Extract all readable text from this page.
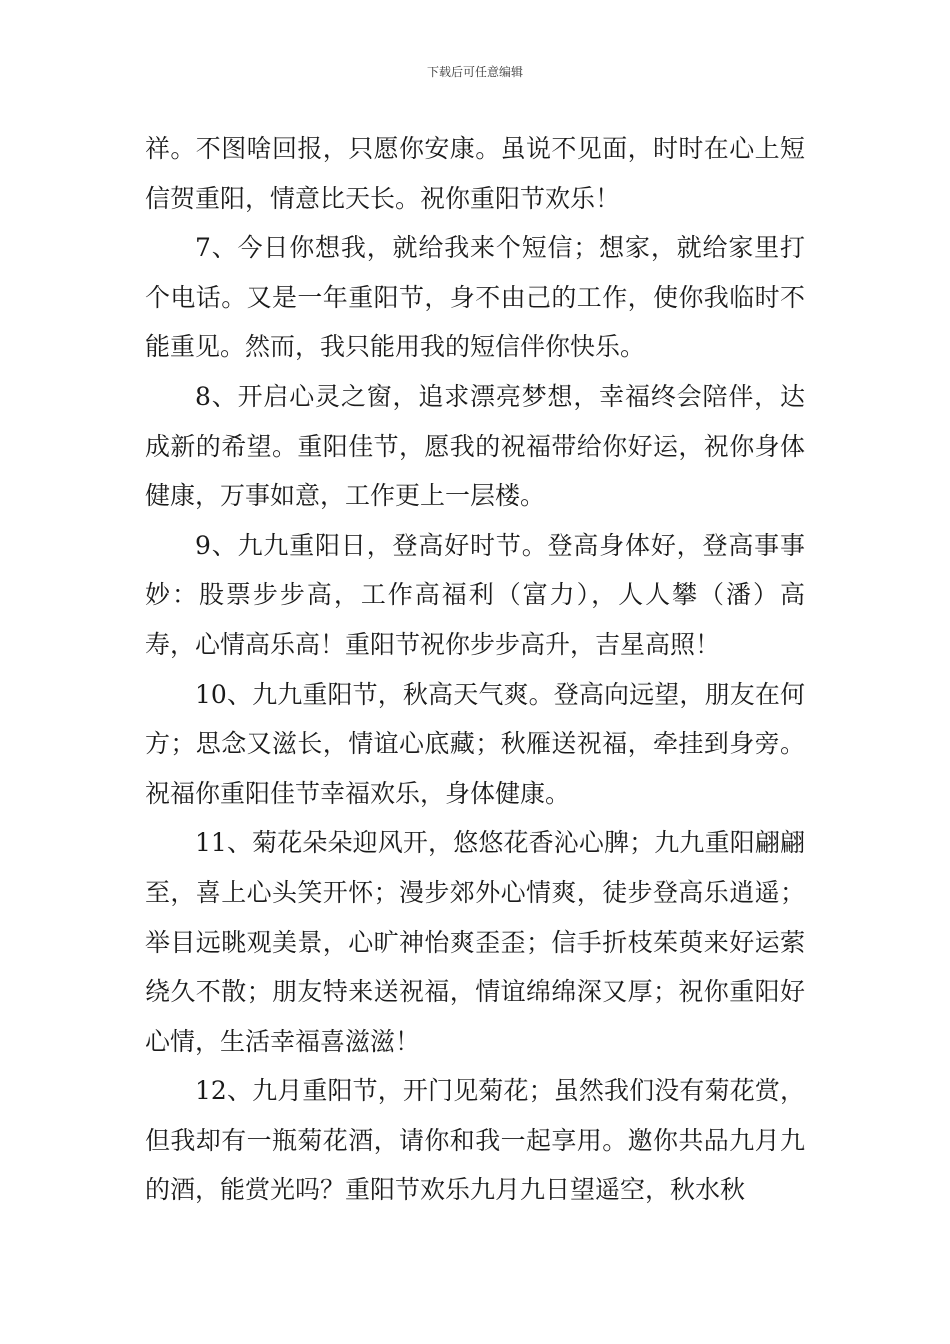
下载后可任意编辑

祥。不图啥回报，只愿你安康。虽说不见面，时时在心上短信贺重阳，情意比天长。祝你重阳节欢乐！

7、今日你想我，就给我来个短信；想家，就给家里打个电话。又是一年重阳节，身不由己的工作，使你我临时不能重见。然而，我只能用我的短信伴你快乐。

8、开启心灵之窗，追求漂亮梦想，幸福终会陪伴，达成新的希望。重阳佳节，愿我的祝福带给你好运，祝你身体健康，万事如意，工作更上一层楼。

9、九九重阳日，登高好时节。登高身体好，登高事事妙：股票步步高，工作高福利（富力），人人攀（潘）高寿，心情高乐高！重阳节祝你步步高升，吉星高照！

10、九九重阳节，秋高天气爽。登高向远望，朋友在何方；思念又滋长，情谊心底藏；秋雁送祝福，牵挂到身旁。祝福你重阳佳节幸福欢乐，身体健康。

11、菊花朵朵迎风开，悠悠花香沁心脾；九九重阳翩翩至，喜上心头笑开怀；漫步郊外心情爽，徒步登高乐逍遥；举目远眺观美景，心旷神怡爽歪歪；信手折枝茱萸来好运萦绕久不散；朋友特来送祝福，情谊绵绵深又厚；祝你重阳好心情，生活幸福喜滋滋！

12、九月重阳节，开门见菊花；虽然我们没有菊花赏，但我却有一瓶菊花酒，请你和我一起享用。邀你共品九月九的酒，能赏光吗？重阳节欢乐九月九日望遥空，秋水秋
